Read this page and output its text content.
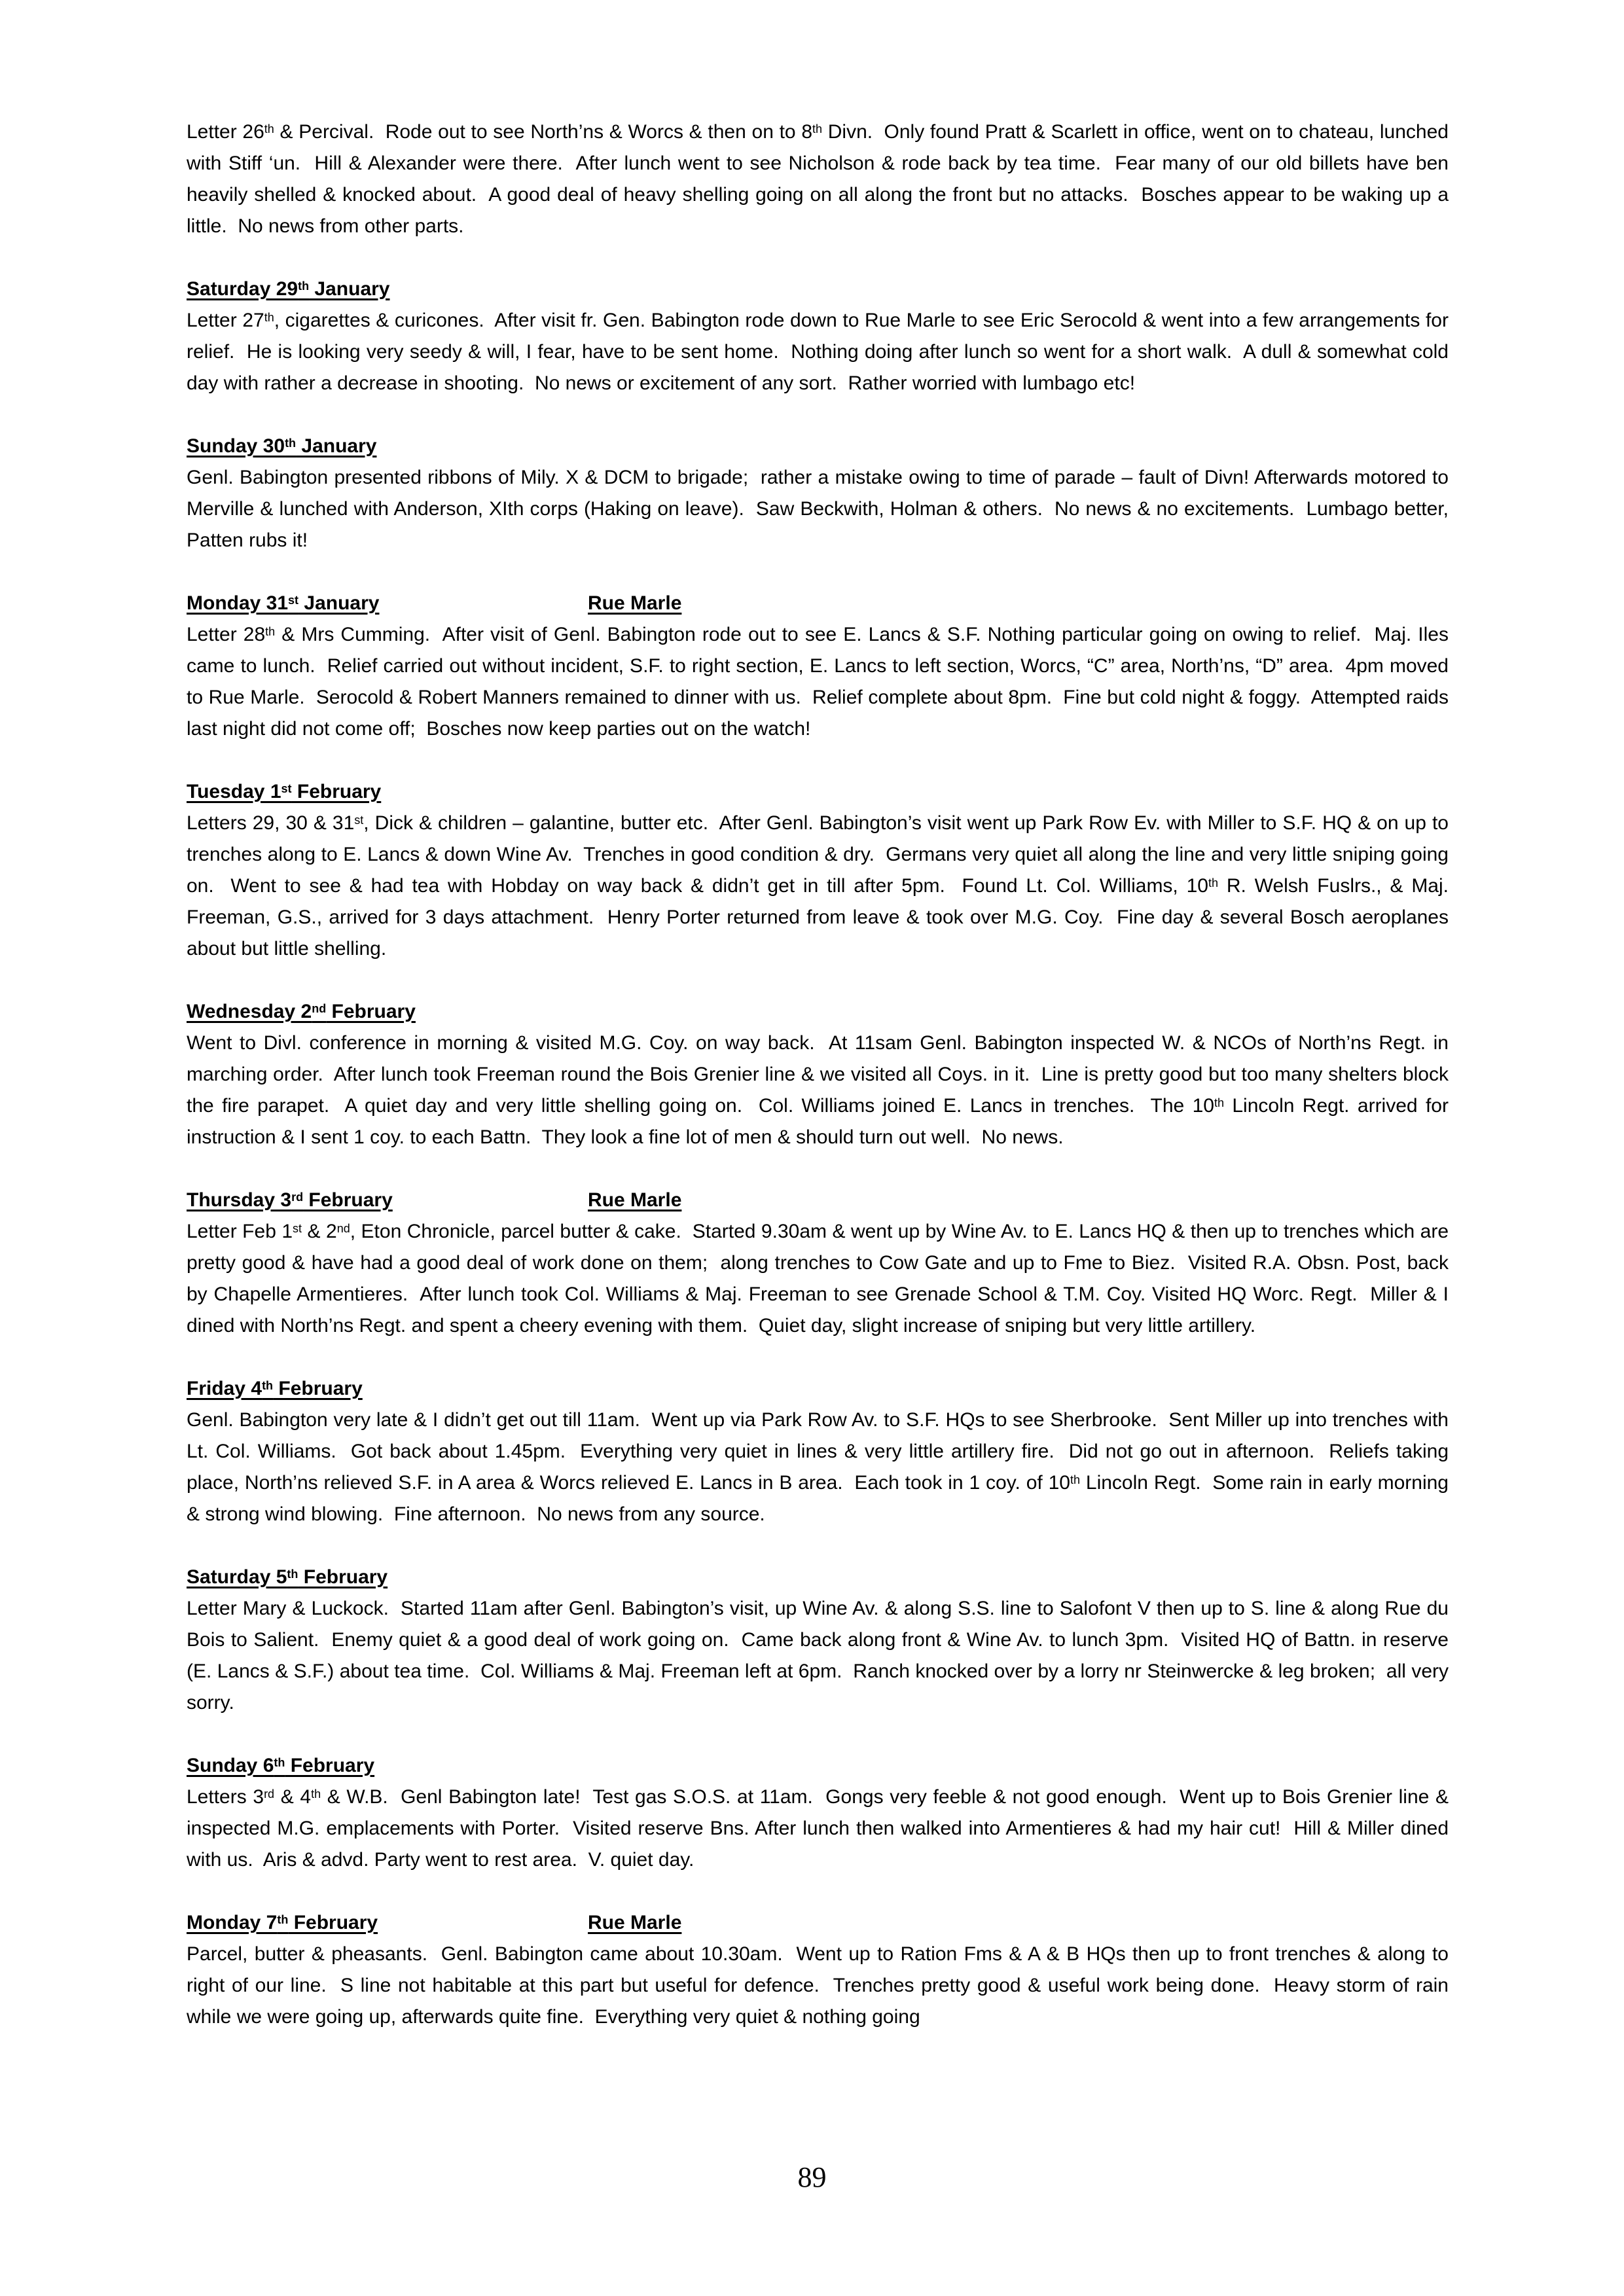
Letter 26th & Percival.  Rode out to see North’ns & Worcs & then on to 8th Divn.  Only found Pratt & Scarlett in office, went on to chateau, lunched with Stiff ‘un.  Hill & Alexander were there.  After lunch went to see Nicholson & rode back by tea time.  Fear many of our old billets have ben heavily shelled & knocked about.  A good deal of heavy shelling going on all along the front but no attacks.  Bosches appear to be waking up a little.  No news from other parts.

Saturday 29th January

Letter 27th, cigarettes & curicones.  After visit fr. Gen. Babington rode down to Rue Marle to see Eric Serocold & went into a few arrangements for relief.  He is looking very seedy & will, I fear, have to be sent home.  Nothing doing after lunch so went for a short walk.  A dull & somewhat cold day with rather a decrease in shooting.  No news or excitement of any sort.  Rather worried with lumbago etc!

Sunday 30th January

Genl. Babington presented ribbons of Mily. X & DCM to brigade;  rather a mistake owing to time of parade – fault of Divn! Afterwards motored to Merville & lunched with Anderson, XIth corps (Haking on leave).  Saw Beckwith, Holman & others.  No news & no excitements.  Lumbago better, Patten rubs it!

Monday 31st January	Rue Marle

Letter 28th & Mrs Cumming.  After visit of Genl. Babington rode out to see E. Lancs & S.F. Nothing particular going on owing to relief.  Maj. Iles came to lunch.  Relief carried out without incident, S.F. to right section, E. Lancs to left section, Worcs, “C” area, North’ns, “D” area.  4pm moved to Rue Marle.  Serocold & Robert Manners remained to dinner with us.  Relief complete about 8pm.  Fine but cold night & foggy.  Attempted raids last night did not come off;  Bosches now keep parties out on the watch!

Tuesday 1st February

Letters 29, 30 & 31st, Dick & children – galantine, butter etc.  After Genl. Babington’s visit went up Park Row Ev. with Miller to S.F. HQ & on up to trenches along to E. Lancs & down Wine Av.  Trenches in good condition & dry.  Germans very quiet all along the line and very little sniping going on.  Went to see & had tea with Hobday on way back & didn’t get in till after 5pm.  Found Lt. Col. Williams, 10th R. Welsh Fuslrs., & Maj. Freeman, G.S., arrived for 3 days attachment.  Henry Porter returned from leave & took over M.G. Coy.  Fine day & several Bosch aeroplanes about but little shelling.

Wednesday 2nd February

Went to Divl. conference in morning & visited M.G. Coy. on way back.  At 11sam Genl. Babington inspected W. & NCOs of North’ns Regt. in marching order.  After lunch took Freeman round the Bois Grenier line & we visited all Coys. in it.  Line is pretty good but too many shelters block the fire parapet.  A quiet day and very little shelling going on.  Col. Williams joined E. Lancs in trenches.  The 10th Lincoln Regt. arrived for instruction & I sent 1 coy. to each Battn.  They look a fine lot of men & should turn out well.  No news.

Thursday 3rd February	Rue Marle

Letter Feb 1st & 2nd, Eton Chronicle, parcel butter & cake.  Started 9.30am & went up by Wine Av. to E. Lancs HQ & then up to trenches which are pretty good & have had a good deal of work done on them;  along trenches to Cow Gate and up to Fme to Biez.  Visited R.A. Obsn. Post, back by Chapelle Armentieres.  After lunch took Col. Williams & Maj. Freeman to see Grenade School & T.M. Coy. Visited HQ Worc. Regt.  Miller & I dined with North’ns Regt. and spent a cheery evening with them.  Quiet day, slight increase of sniping but very little artillery.

Friday 4th February

Genl. Babington very late & I didn’t get out till 11am.  Went up via Park Row Av. to S.F. HQs to see Sherbrooke.  Sent Miller up into trenches with Lt. Col. Williams.  Got back about 1.45pm.  Everything very quiet in lines & very little artillery fire.  Did not go out in afternoon.  Reliefs taking place, North’ns relieved S.F. in A area & Worcs relieved E. Lancs in B area.  Each took in 1 coy. of 10th Lincoln Regt.  Some rain in early morning & strong wind blowing.  Fine afternoon.  No news from any source.

Saturday 5th February

Letter Mary & Luckock.  Started 11am after Genl. Babington’s visit, up Wine Av. & along S.S. line to Salofont V then up to S. line & along Rue du Bois to Salient.  Enemy quiet & a good deal of work going on.  Came back along front & Wine Av. to lunch 3pm.  Visited HQ of Battn. in reserve (E. Lancs & S.F.) about tea time.  Col. Williams & Maj. Freeman left at 6pm.  Ranch knocked over by a lorry nr Steinwercke & leg broken;  all very sorry.

Sunday 6th February

Letters 3rd & 4th & W.B.  Genl Babington late!  Test gas S.O.S. at 11am.  Gongs very feeble & not good enough.  Went up to Bois Grenier line & inspected M.G. emplacements with Porter.  Visited reserve Bns. After lunch then walked into Armentieres & had my hair cut!  Hill & Miller dined with us.  Aris & advd. Party went to rest area.  V. quiet day.

Monday 7th February	Rue Marle

Parcel, butter & pheasants.  Genl. Babington came about 10.30am.  Went up to Ration Fms & A & B HQs then up to front trenches & along to right of our line.  S line not habitable at this part but useful for defence.  Trenches pretty good & useful work being done.  Heavy storm of rain while we were going up, afterwards quite fine.  Everything very quiet & nothing going

89
